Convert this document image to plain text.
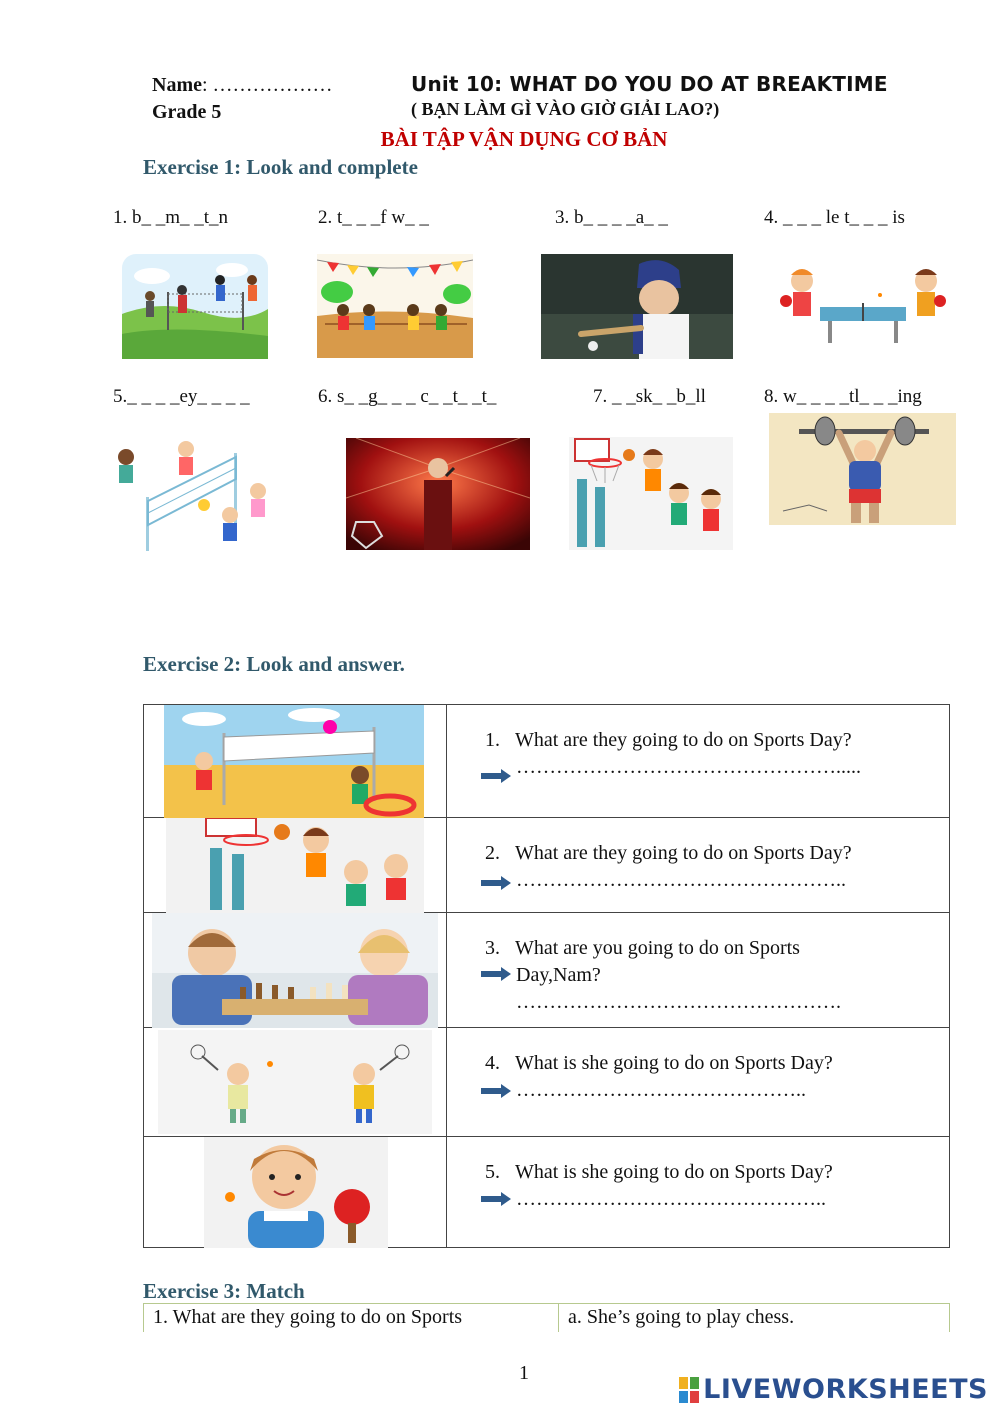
Name: ………………
Grade 5
Unit 10: WHAT DO YOU DO AT BREAKTIME
( BẠN LÀM GÌ VÀO GIỜ GIẢI LAO?)
BÀI TẬP VẬN DỤNG CƠ BẢN
Exercise 1: Look and complete
1. b_ _m_ _t_n	2. t_ _ _f w_ _	3. b_ _ _ _a_ _	4. _ _ _ le t_ _ _ is
5._ _ _ _ey_ _ _ _	6. s_ _g_ _ _ c_ _t_ _t_	7. _ _sk_ _b_ll	8. w_ _ _ _tl_ _ _ing
Exercise 2: Look and answer.

1. What are they going to do on Sports Day?
………………………………………….....

2. What are they going to do on Sports Day?
…………………………………………..

3. What are you going to do on Sports
Day,Nam?
………………………………………….

4. What is she going to do on Sports Day?
……………………………………..

5. What is she going to do on Sports Day?
………………………………………..
Exercise 3: Match
1. What are they going to do on Sports	a. She’s going to play chess.
1
LIVEWORKSHEETS
